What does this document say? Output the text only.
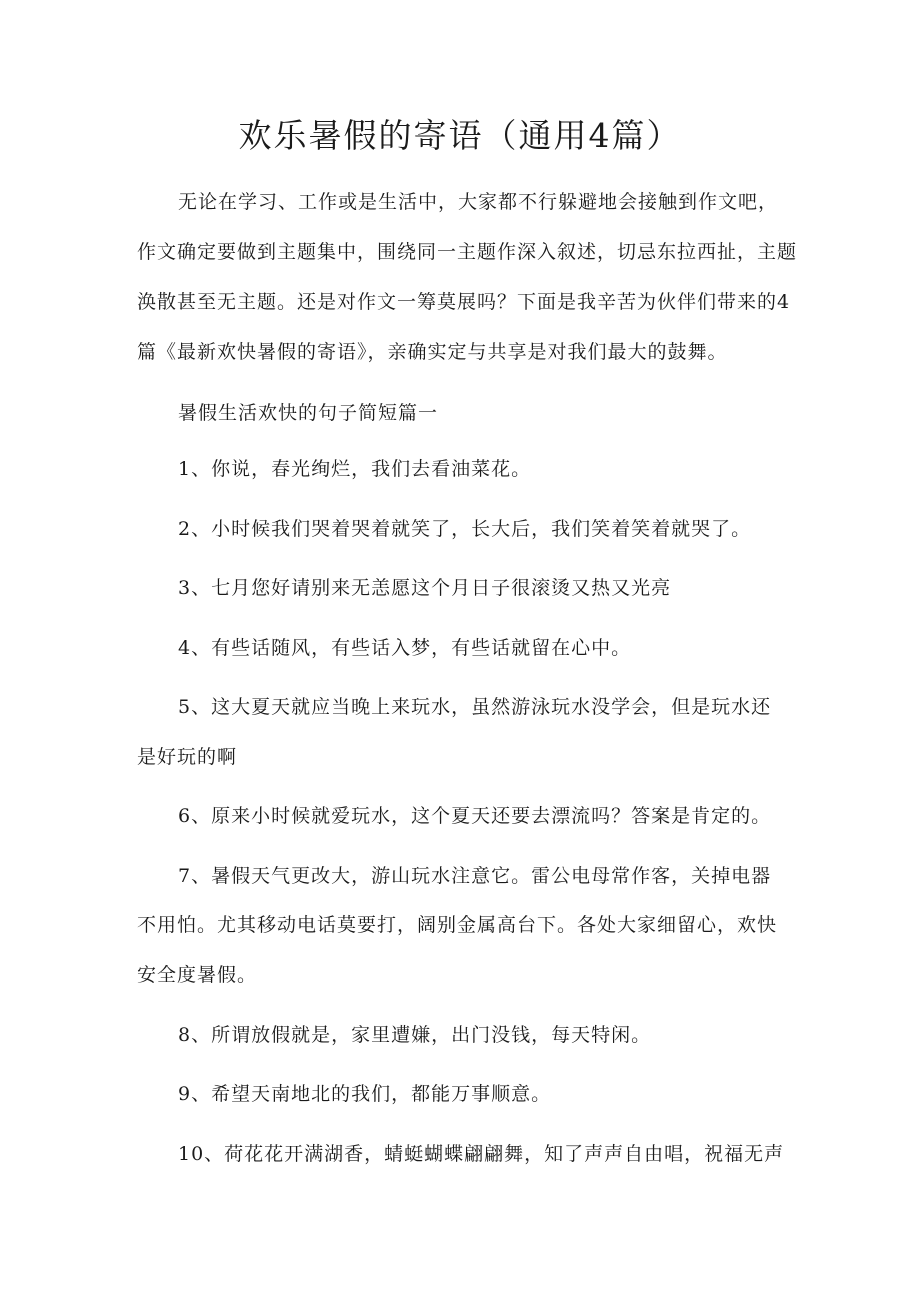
欢乐暑假的寄语（通用4篇）

无论在学习、工作或是生活中，大家都不行躲避地会接触到作文吧，

作文确定要做到主题集中，围绕同一主题作深入叙述，切忌东拉西扯，主题

涣散甚至无主题。还是对作文一筹莫展吗？下面是我辛苦为伙伴们带来的4

篇《最新欢快暑假的寄语》，亲确实定与共享是对我们最大的鼓舞。

暑假生活欢快的句子简短篇一

1、你说，春光绚烂，我们去看油菜花。

2、小时候我们哭着哭着就笑了，长大后，我们笑着笑着就哭了。

3、七月您好请别来无恙愿这个月日子很滚烫又热又光亮

4、有些话随风，有些话入梦，有些话就留在心中。

5、这大夏天就应当晚上来玩水，虽然游泳玩水没学会，但是玩水还

是好玩的啊

6、原来小时候就爱玩水，这个夏天还要去漂流吗？答案是肯定的。

7、暑假天气更改大，游山玩水注意它。雷公电母常作客，关掉电器

不用怕。尤其移动电话莫要打，阔别金属高台下。各处大家细留心，欢快

安全度暑假。

8、所谓放假就是，家里遭嫌，出门没钱，每天特闲。

9、希望天南地北的我们，都能万事顺意。

10、荷花花开满湖香，蜻蜓蝴蝶翩翩舞，知了声声自由唱，祝福无声
